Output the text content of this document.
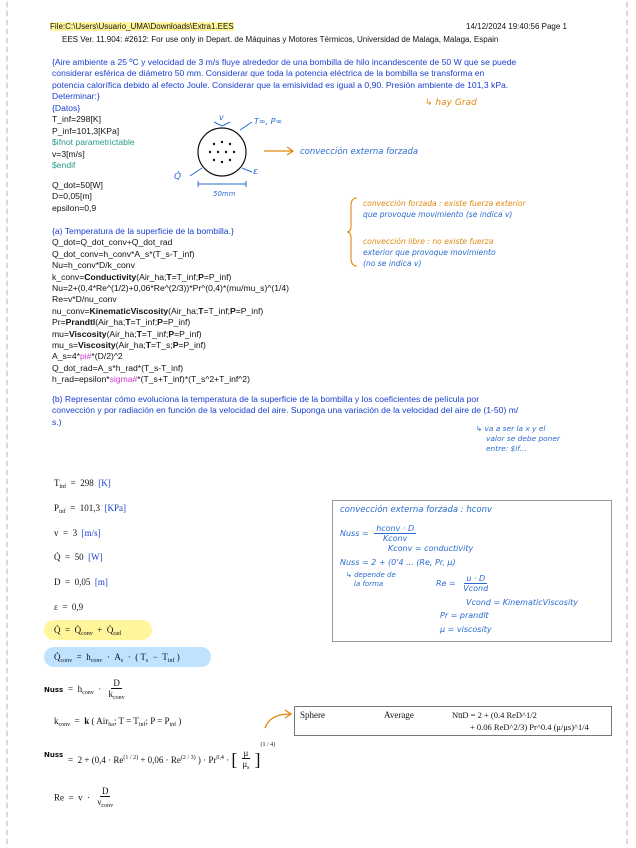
File:C:\Users\Usuario_UMA\Downloads\Extra1.EES	14/12/2024 19:40:56 Page 1
EES Ver. 11.904: #2612: For use only in Depart. de Máquinas y Motores Térmicos, Universidad de Malaga, Malaga, Espain
{Aire ambiente a 25 ºC y velocidad de 3 m/s fluye alrededor de una bombilla de hilo incandescente de 50 W que se puede
considerar esférica de diámetro 50 mm. Considerar que toda la potencia eléctrica de la bombilla se transforma en
potencia calorífica debido al efecto Joule. Considerar que la emisividad es igual a 0,90. Presión ambiente de 101,3 kPa.
Determinar:}
↳ hay Grad
{Datos}
T_inf=298[K]
P_inf=101,3[KPa]
$ifnot parametrictable
v=3[m/s]
$endif
Q_dot=50[W]
D=0,05[m]
epsilon=0,9
v	T∞, P∞
Q̇	ε
50mm
convección externa forzada
convección forzada : existe fuerza exterior
que provoque movimiento (se indica v)
convección libre : no existe fuerza
exterior que provoque movimiento
(no se indica v)
{a) Temperatura de la superficie de la bombilla.}
Q_dot=Q_dot_conv+Q_dot_rad
Q_dot_conv=h_conv*A_s*(T_s-T_inf)
Nu=h_conv*D/k_conv
k_conv=Conductivity(Air_ha;T=T_inf;P=P_inf)
Nu=2+(0,4*Re^(1/2)+0,06*Re^(2/3))*Pr^(0,4)*(mu/mu_s)^(1/4)
Re=v*D/nu_conv
nu_conv=KinematicViscosity(Air_ha;T=T_inf;P=P_inf)
Pr=Prandtl(Air_ha;T=T_inf;P=P_inf)
mu=Viscosity(Air_ha;T=T_inf;P=P_inf)
mu_s=Viscosity(Air_ha;T=T_s;P=P_inf)
A_s=4*pi#*(D/2)^2
Q_dot_rad=A_s*h_rad*(T_s-T_inf)
h_rad=epsilon*sigma#*(T_s+T_inf)*(T_s^2+T_inf^2)
{b) Representar cómo evoluciona la temperatura de la superficie de la bombilla y los coeficientes de película por
convección y por radiación en función de la velocidad del aire. Suponga una variación de la velocidad del aire de (1-50) m/
s.)
↳ va a ser la x y el
valor se debe poner
entre: $if...
$T_{inf} = 298$ [K]
$P_{inf} = 101,3$ [KPa]
v  =  3 [m/s]
Q̇  =  50 [W]
D  =  0,05 [m]
ε  =  0,9
Q̇  =  $Q̇_{conv}$ + $Q̇_{rad}$
$Q̇_{conv} = h_{conv} \cdot A_s$  ·  ( $T_s - T_{inf}$ )
Nuss =  $h_{conv} \cdot \frac{D}{k_{conv}}$
$k_{conv} = k$ ( Air$_{ha}$; $T = T_{inf}$; $P = P_{inf}$ )
Nuss =  $2 + (0,4 \cdot Re^{(1 / 2)} + 0,06 \cdot Re^{(2 / 3)}$ ) · Pr$^{0,4}$ · [ $\frac{\mu}{\mu_s} ]^{(1 / 4)}$
$Re = v \cdot \frac{D}{\nu_{conv}}$
convección externa forzada : hconv
Nuss = $\frac{\text{hconv · D}}{\text{Kconv}}$
Kconv = conductivity
Nuss = 2 + (0'4 ... (Re, Pr, μ)
↳ depende de
la forma	$Re = \frac{u \cdot D}{\text{Vcond}}$
Vcond = KinematicViscosity
Pr = prandlt
μ = viscosity
Sphere	Average	Nu̅D = 2 + (0.4 ReD^1/2
+ 0.06 ReD^2/3) Pr^0.4 (μ/μs)^1/4
